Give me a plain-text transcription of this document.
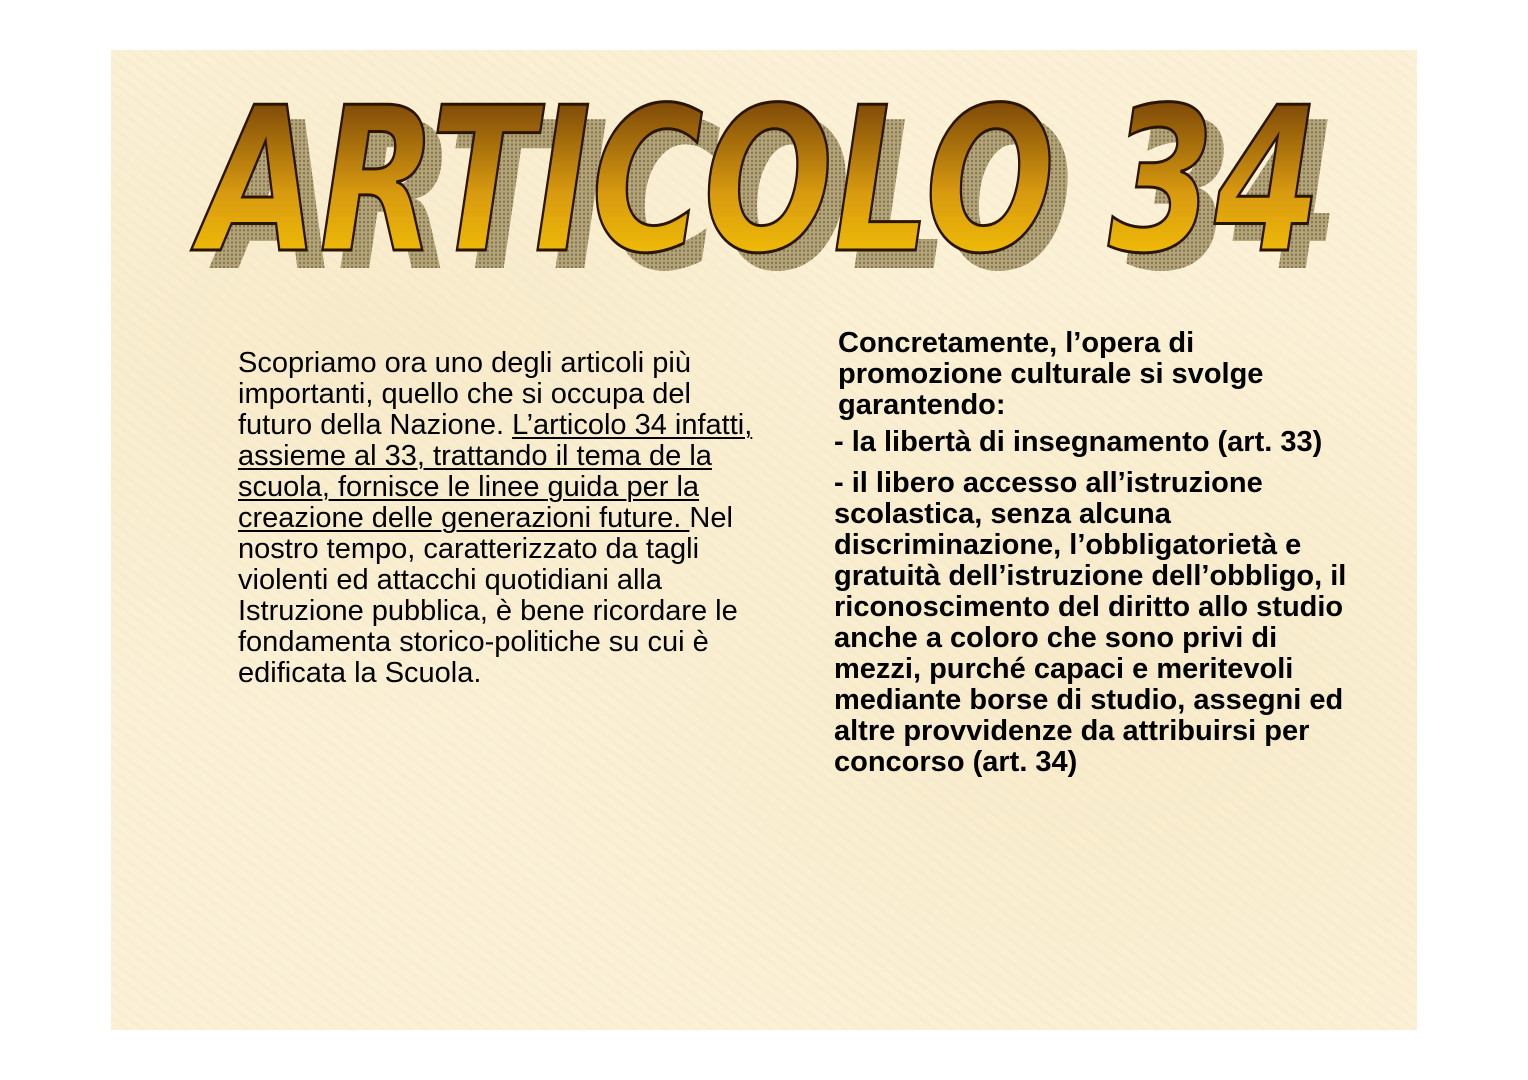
ARTICOLO 34
ARTICOLO 34

Scopriamo ora uno degli articoli più importanti, quello che si occupa del futuro della Nazione. L’articolo 34 infatti, assieme al 33, trattando il tema de la scuola, fornisce le linee guida per la creazione delle generazioni future. Nel nostro tempo, caratterizzato da tagli violenti ed attacchi quotidiani alla Istruzione pubblica, è bene ricordare le fondamenta storico-politiche su cui è edificata la Scuola.

Concretamente, l’opera di promozione culturale si svolge garantendo:

- la libertà di insegnamento (art. 33)

- il libero accesso all’istruzione scolastica, senza alcuna discriminazione, l’obbligatorietà e gratuità dell’istruzione dell’obbligo, il riconoscimento del diritto allo studio anche a coloro che sono privi di mezzi, purché capaci e meritevoli mediante borse di studio, assegni ed altre provvidenze da attribuirsi per concorso (art. 34)
